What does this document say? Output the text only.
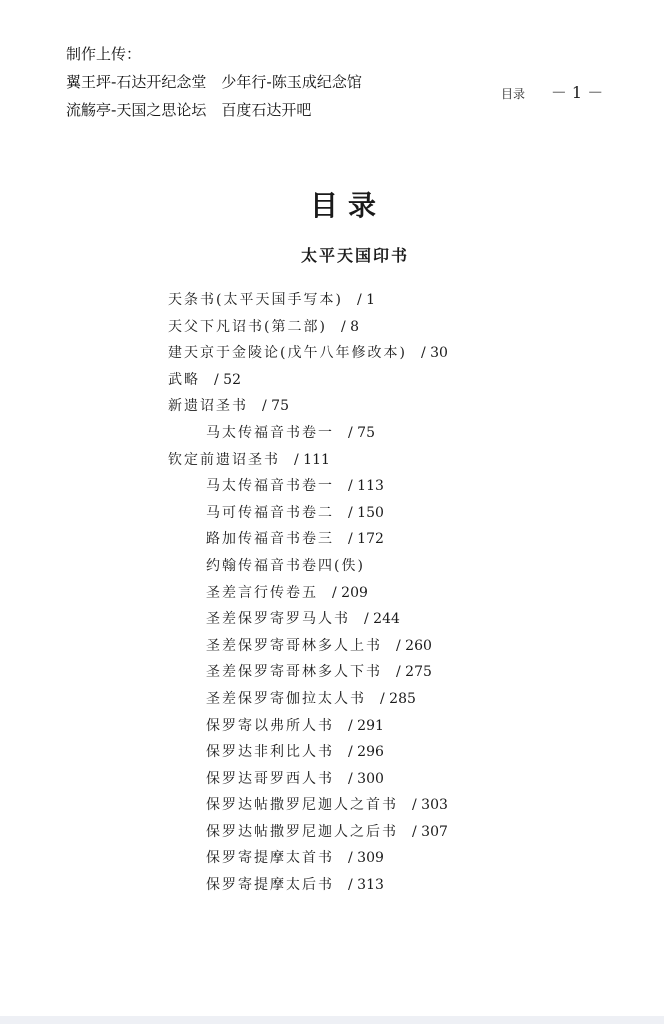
制作上传：
翼王坪-石达开纪念堂　少年行-陈玉成纪念馆
流觞亭-天国之思论坛　百度石达开吧
目录 － 1 －
目录
太平天国印书
天条书(太平天国手写本) / 1
天父下凡诏书(第二部) / 8
建天京于金陵论(戊午八年修改本) / 30
武略 / 52
新遗诏圣书 / 75
马太传福音书卷一 / 75
钦定前遗诏圣书 / 111
马太传福音书卷一 / 113
马可传福音书卷二 / 150
路加传福音书卷三 / 172
约翰传福音书卷四(佚)
圣差言行传卷五 / 209
圣差保罗寄罗马人书 / 244
圣差保罗寄哥林多人上书 / 260
圣差保罗寄哥林多人下书 / 275
圣差保罗寄伽拉太人书 / 285
保罗寄以弗所人书 / 291
保罗达非利比人书 / 296
保罗达哥罗西人书 / 300
保罗达帖撒罗尼迦人之首书 / 303
保罗达帖撒罗尼迦人之后书 / 307
保罗寄提摩太首书 / 309
保罗寄提摩太后书 / 313
